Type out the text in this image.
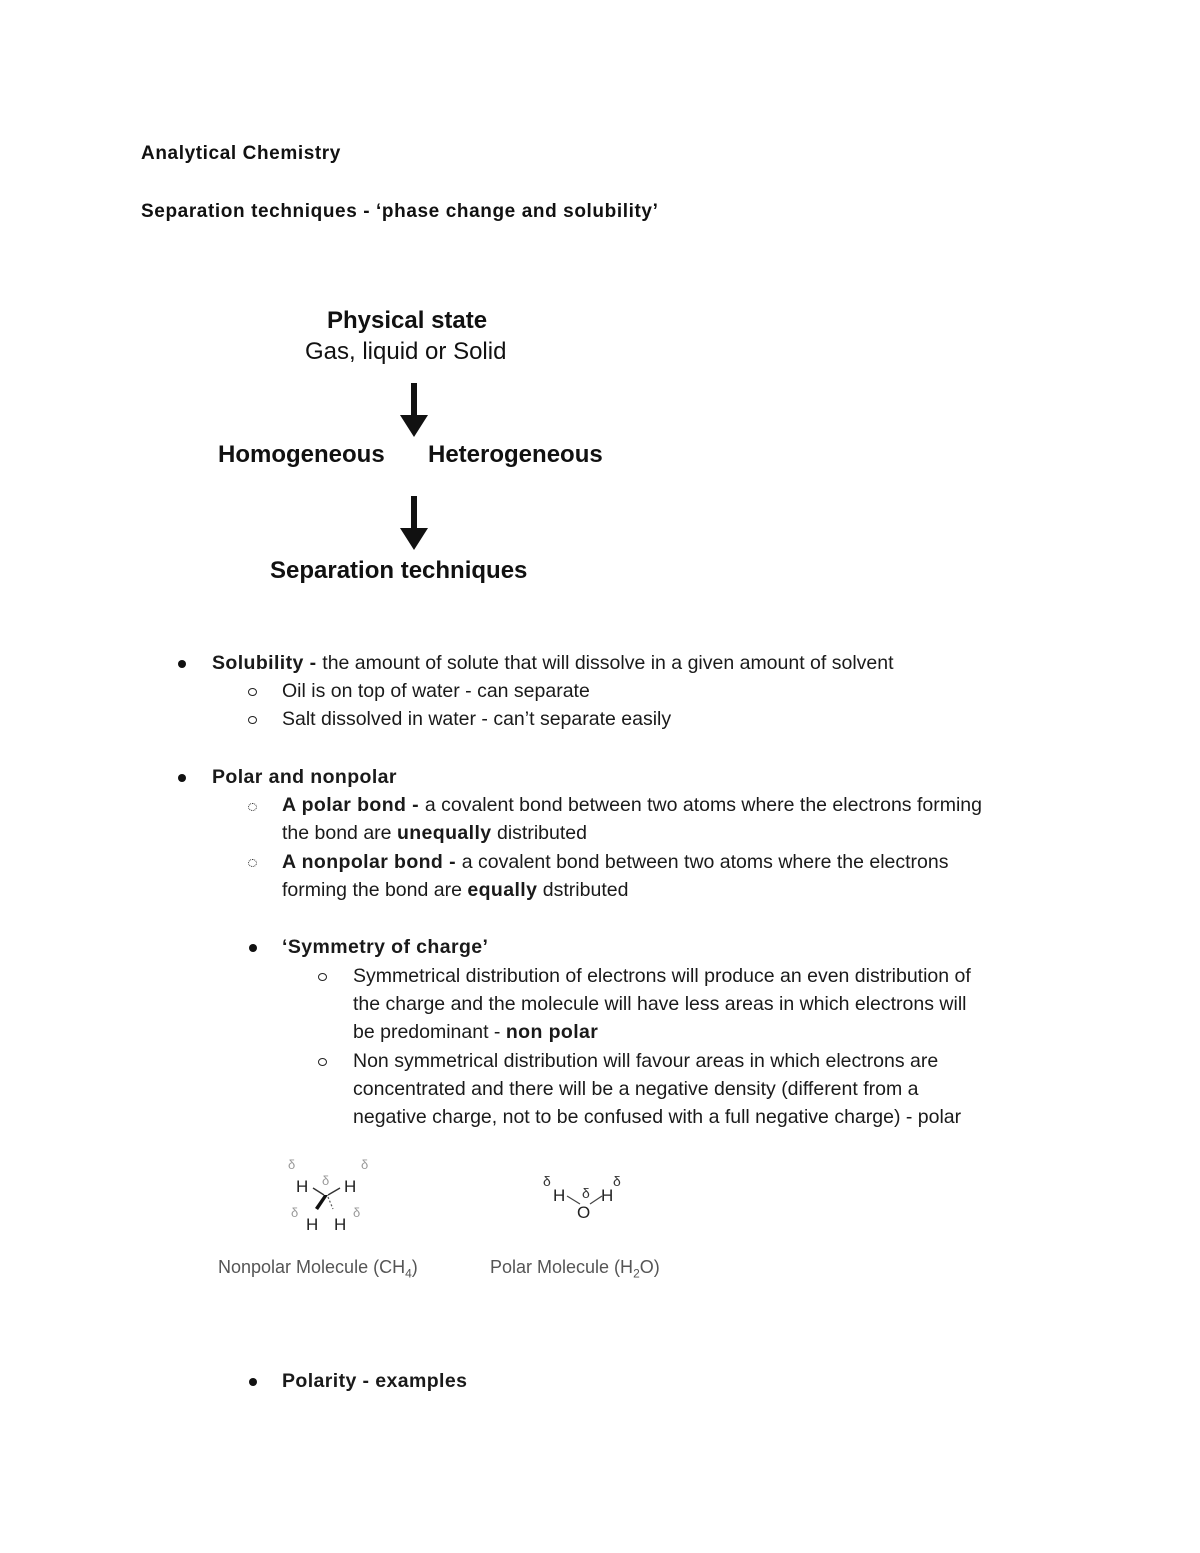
Analytical Chemistry
Separation techniques - ‘phase change and solubility’
Physical state
Gas, liquid or Solid
Homogeneous Heterogeneous
Separation techniques
Solubility - the amount of solute that will dissolve in a given amount of solvent
Oil is on top of water - can separate
Salt dissolved in water - can’t separate easily
Polar and nonpolar
A polar bond - a covalent bond between two atoms where the electrons forming
the bond are unequally distributed
A nonpolar bond - a covalent bond between two atoms where the electrons
forming the bond are equally dstributed
‘Symmetry of charge’
Symmetrical distribution of electrons will produce an even distribution of
the charge and the molecule will have less areas in which electrons will
be predominant - non polar
Non symmetrical distribution will favour areas in which electrons are
concentrated and there will be a negative density (different from a
negative charge, not to be confused with a full negative charge) - polar
δ	δ
δ
H H
δ	δ
H H
δ	δ
δ
H H
O
Nonpolar Molecule $(CH_4)$	Polar Molecule $(H_2O)$
Polarity - examples
